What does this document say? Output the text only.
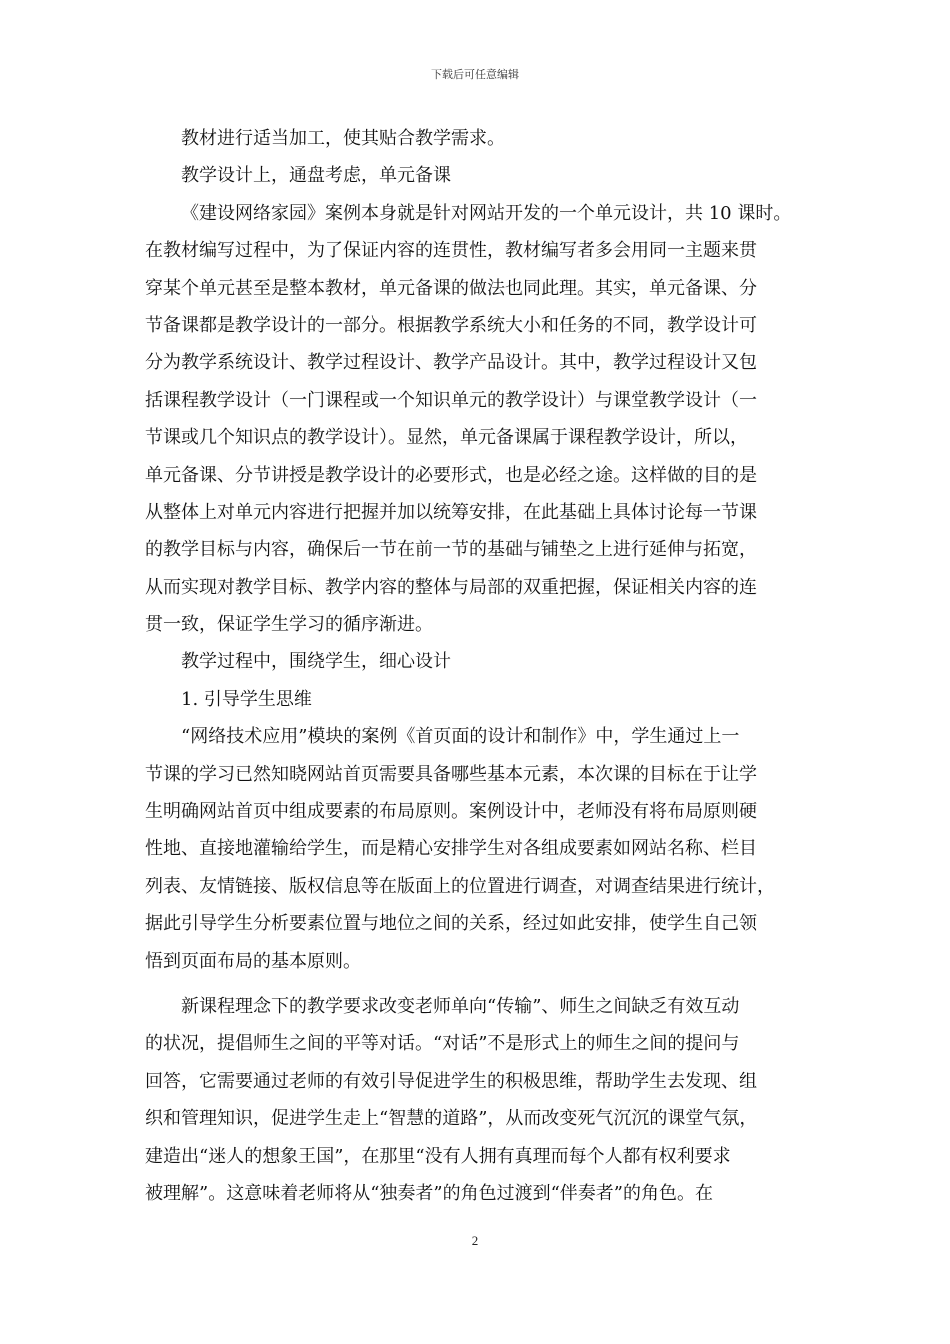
下载后可任意编辑
教材进行适当加工，使其贴合教学需求。
教学设计上，通盘考虑，单元备课
《建设网络家园》案例本身就是针对网站开发的一个单元设计，共 10 课时。
在教材编写过程中，为了保证内容的连贯性，教材编写者多会用同一主题来贯
穿某个单元甚至是整本教材，单元备课的做法也同此理。其实，单元备课、分
节备课都是教学设计的一部分。根据教学系统大小和任务的不同，教学设计可
分为教学系统设计、教学过程设计、教学产品设计。其中，教学过程设计又包
括课程教学设计（一门课程或一个知识单元的教学设计）与课堂教学设计（一
节课或几个知识点的教学设计）。显然，单元备课属于课程教学设计，所以，
单元备课、分节讲授是教学设计的必要形式，也是必经之途。这样做的目的是
从整体上对单元内容进行把握并加以统筹安排，在此基础上具体讨论每一节课
的教学目标与内容，确保后一节在前一节的基础与铺垫之上进行延伸与拓宽，
从而实现对教学目标、教学内容的整体与局部的双重把握，保证相关内容的连
贯一致，保证学生学习的循序渐进。
教学过程中，围绕学生，细心设计
1. 引导学生思维
“网络技术应用”模块的案例《首页面的设计和制作》中，学生通过上一
节课的学习已然知晓网站首页需要具备哪些基本元素，本次课的目标在于让学
生明确网站首页中组成要素的布局原则。案例设计中，老师没有将布局原则硬
性地、直接地灌输给学生，而是精心安排学生对各组成要素如网站名称、栏目
列表、友情链接、版权信息等在版面上的位置进行调查，对调查结果进行统计，
据此引导学生分析要素位置与地位之间的关系，经过如此安排，使学生自己领
悟到页面布局的基本原则。
新课程理念下的教学要求改变老师单向“传输”、师生之间缺乏有效互动
的状况，提倡师生之间的平等对话。“对话”不是形式上的师生之间的提问与
回答，它需要通过老师的有效引导促进学生的积极思维，帮助学生去发现、组
织和管理知识，促进学生走上“智慧的道路”，从而改变死气沉沉的课堂气氛，
建造出“迷人的想象王国”，在那里“没有人拥有真理而每个人都有权利要求
被理解”。这意味着老师将从“独奏者”的角色过渡到“伴奏者”的角色。在
2
